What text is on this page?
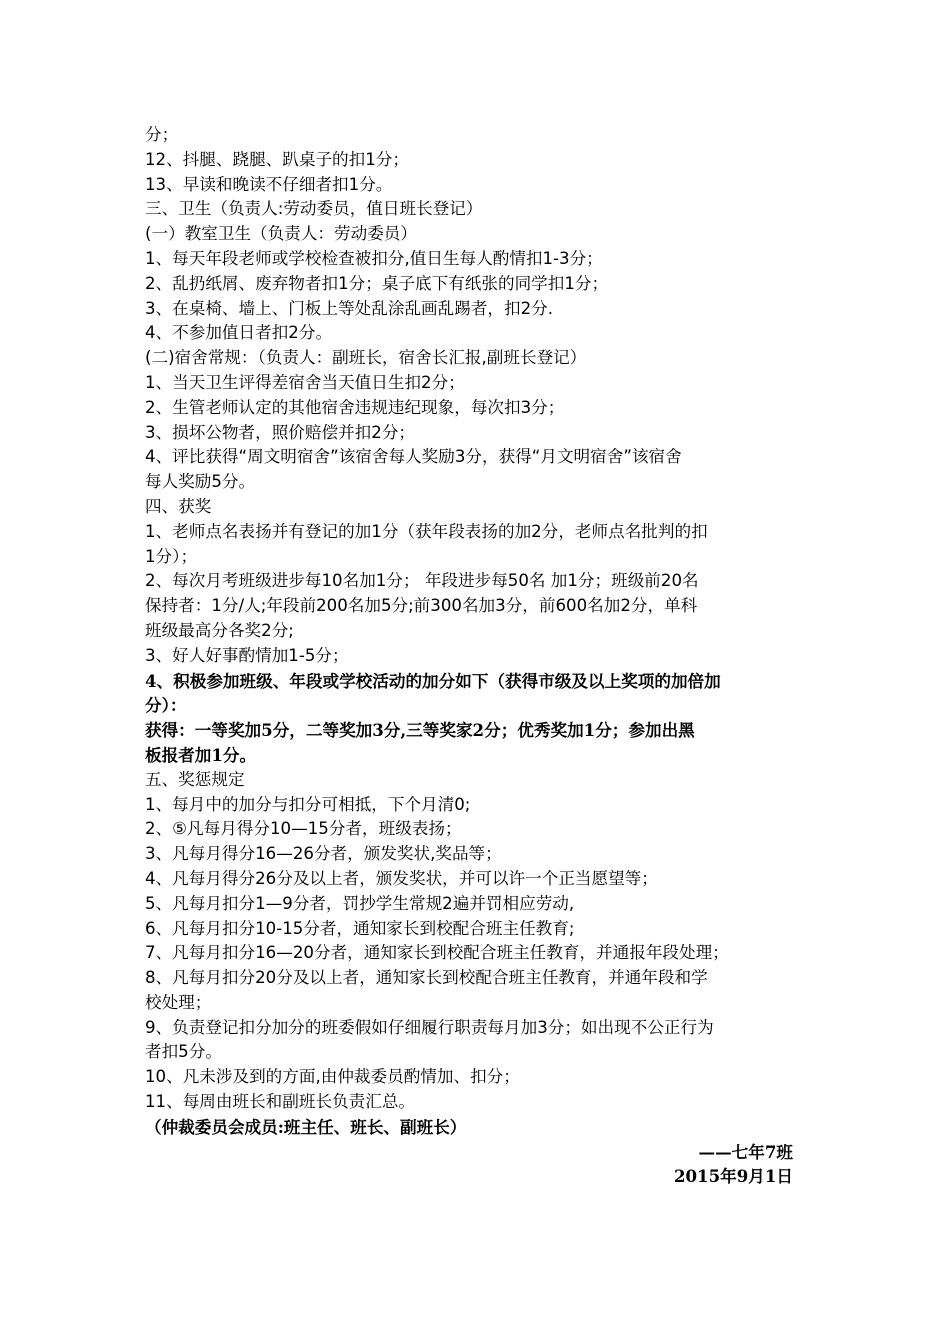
分；
12、抖腿、跷腿、趴桌子的扣1分；
13、早读和晚读不仔细者扣1分。
三、卫生（负责人:劳动委员，值日班长登记）
(一）教室卫生（负责人：劳动委员）
1、每天年段老师或学校检查被扣分,值日生每人酌情扣1-3分；
2、乱扔纸屑、废弃物者扣1分；桌子底下有纸张的同学扣1分；
3、在桌椅、墙上、门板上等处乱涂乱画乱踢者，扣2分.
4、不参加值日者扣2分。
(二)宿舍常规：（负责人：副班长，宿舍长汇报,副班长登记）
1、当天卫生评得差宿舍当天值日生扣2分；
2、生管老师认定的其他宿舍违规违纪现象，每次扣3分；
3、损坏公物者，照价赔偿并扣2分；
4、评比获得“周文明宿舍”该宿舍每人奖励3分，获得“月文明宿舍”该宿舍
每人奖励5分。
四、获奖
1、老师点名表扬并有登记的加1分（获年段表扬的加2分，老师点名批判的扣
1分）；
2、每次月考班级进步每10名加1分； 年段进步每50名 加1分；班级前20名
保持者：1分/人;年段前200名加5分;前300名加3分，前600名加2分，单科
班级最高分各奖2分;
3、好人好事酌情加1-5分；
4、积极参加班级、年段或学校活动的加分如下（获得市级及以上奖项的加倍加
分）：
获得：一等奖加5分，二等奖加3分,三等奖家2分；优秀奖加1分；参加出黑
板报者加1分。
五、奖惩规定
1、每月中的加分与扣分可相抵，下个月清0;
2、⑤凡每月得分10—15分者，班级表扬；
3、凡每月得分16—26分者，颁发奖状,奖品等；
4、凡每月得分26分及以上者，颁发奖状，并可以许一个正当愿望等；
5、凡每月扣分1—9分者，罚抄学生常规2遍并罚相应劳动,
6、凡每月扣分10-15分者，通知家长到校配合班主任教育;
7、凡每月扣分16—20分者，通知家长到校配合班主任教育，并通报年段处理；
8、凡每月扣分20分及以上者，通知家长到校配合班主任教育，并通年段和学
校处理；
9、负责登记扣分加分的班委假如仔细履行职责每月加3分；如出现不公正行为
者扣5分。
10、凡未涉及到的方面,由仲裁委员酌情加、扣分；
11、每周由班长和副班长负责汇总。
（仲裁委员会成员:班主任、班长、副班长）
——七年7班
2015年9月1日
